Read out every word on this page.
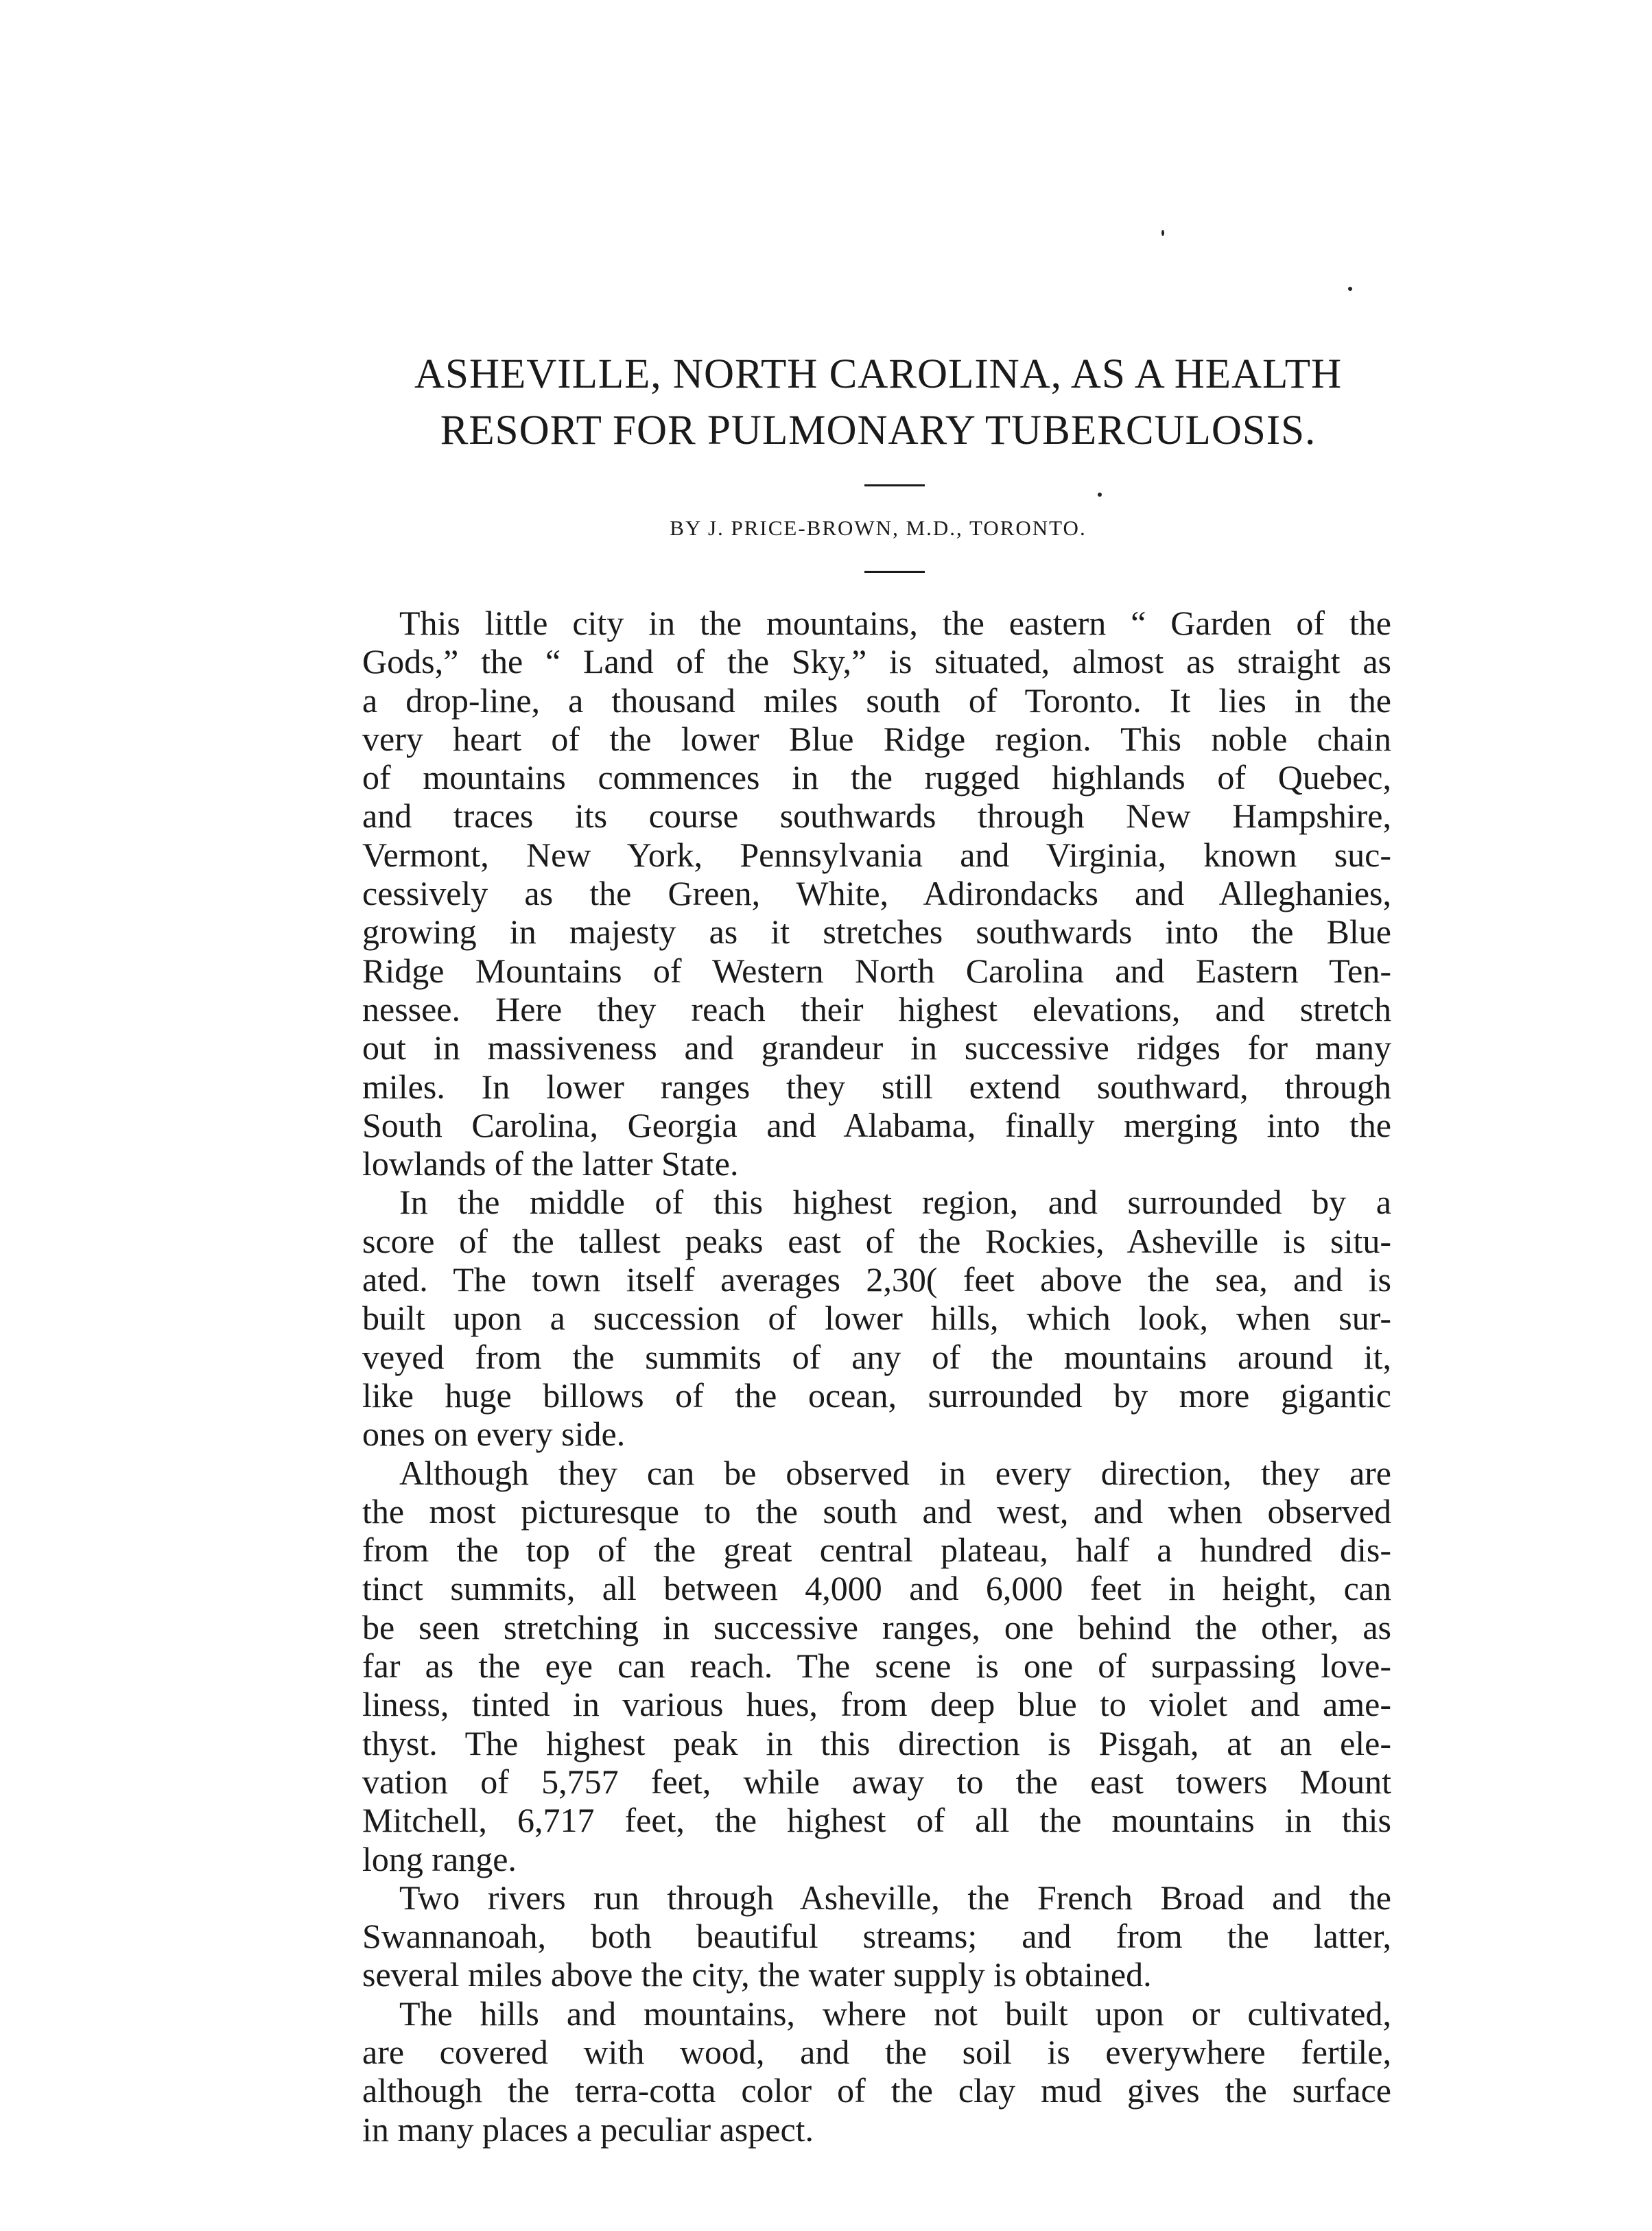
ASHEVILLE, NORTH CAROLINA, AS A HEALTH
RESORT FOR PULMONARY TUBERCULOSIS.
BY J. PRICE-BROWN, M.D., TORONTO.

This little city in the mountains, the eastern “ Garden of the
Gods,” the “ Land of the Sky,” is situated, almost as straight as
a drop-line, a thousand miles south of Toronto. It lies in the
very heart of the lower Blue Ridge region. This noble chain
of mountains commences in the rugged highlands of Quebec,
and traces its course southwards through New Hampshire,
Vermont, New York, Pennsylvania and Virginia, known suc-
cessively as the Green, White, Adirondacks and Alleghanies,
growing in majesty as it stretches southwards into the Blue
Ridge Mountains of Western North Carolina and Eastern Ten-
nessee. Here they reach their highest elevations, and stretch
out in massiveness and grandeur in successive ridges for many
miles. In lower ranges they still extend southward, through
South Carolina, Georgia and Alabama, finally merging into the
lowlands of the latter State.

In the middle of this highest region, and surrounded by a
score of the tallest peaks east of the Rockies, Asheville is situ-
ated. The town itself averages 2,30( feet above the sea, and is
built upon a succession of lower hills, which look, when sur-
veyed from the summits of any of the mountains around it,
like huge billows of the ocean, surrounded by more gigantic
ones on every side.

Although they can be observed in every direction, they are
the most picturesque to the south and west, and when observed
from the top of the great central plateau, half a hundred dis-
tinct summits, all between 4,000 and 6,000 feet in height, can
be seen stretching in successive ranges, one behind the other, as
far as the eye can reach. The scene is one of surpassing love-
liness, tinted in various hues, from deep blue to violet and ame-
thyst. The highest peak in this direction is Pisgah, at an ele-
vation of 5,757 feet, while away to the east towers Mount
Mitchell, 6,717 feet, the highest of all the mountains in this
long range.

Two rivers run through Asheville, the French Broad and the
Swannanoah, both beautiful streams; and from the latter,
several miles above the city, the water supply is obtained.

The hills and mountains, where not built upon or cultivated,
are covered with wood, and the soil is everywhere fertile,
although the terra-cotta color of the clay mud gives the surface
in many places a peculiar aspect.
